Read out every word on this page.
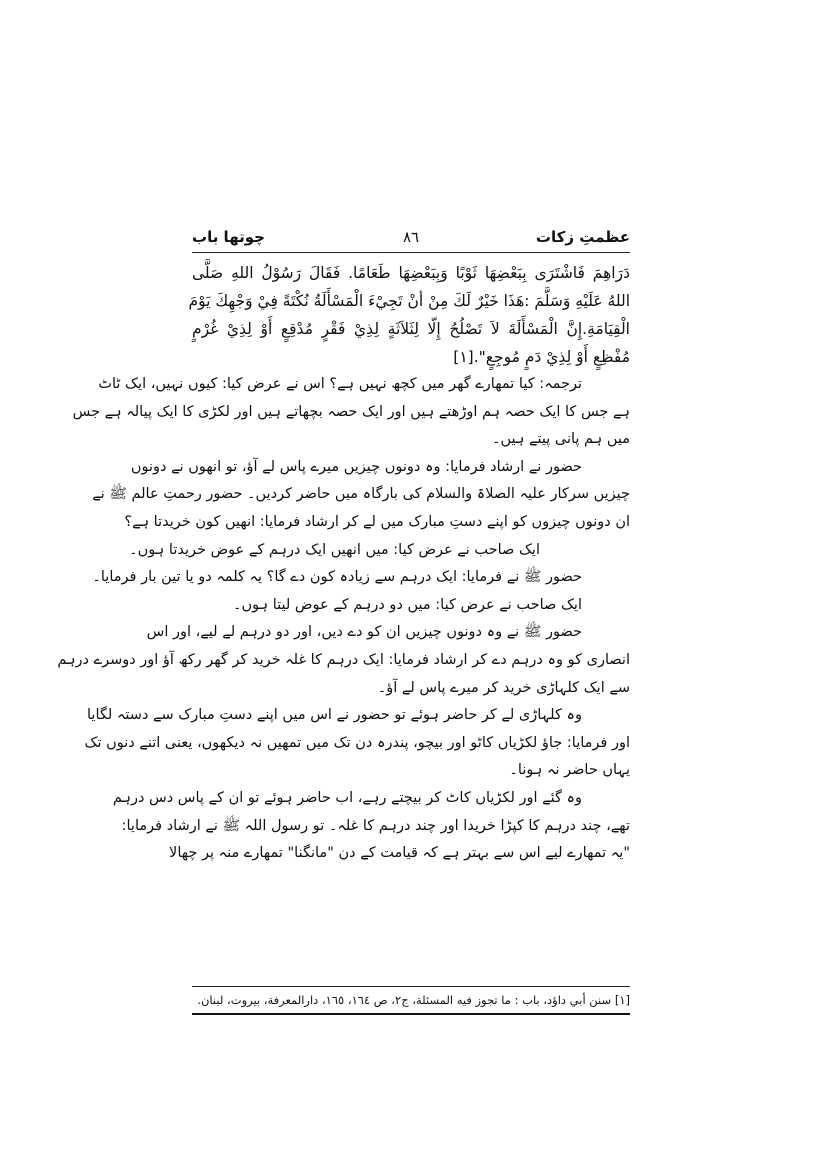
عظمتِ زکات
٨٦
چوتھا باب
دَرَاهِمَ فَاشْتَرَى بِبَعْضِهَا ثَوْبًا وَبِبَعْضِهَا طَعَامًا. فَقَالَ رَسُوْلُ اللهِ صَلَّى
اللهُ عَلَيْهِ وَسَلَّمَ :هَذَا خَيْرٌ لَكَ مِنْ أنْ تَجِيْءَ الْمَسْأَلَةُ نُكْتَةً فِيْ وَجْهِكَ يَوْمَ
الْقِيَامَةِ.إِنَّ الْمَسْأَلَةَ لاَ تَصْلُحُ إِلّا لِثَلاَثَةٍ لِذِيْ فَقْرٍ مُدْقِعٍ أَوْ لِذِيْ غُرْمٍ
مُفْظِعٍ أَوْ لِذِيْ دَمٍ مُوجِعٍ".[١]
ترجمہ: کیا تمھارے گھر میں کچھ نہیں ہے؟ اس نے عرض کیا: کیوں نہیں، ایک ٹاٹ
ہے جس کا ایک حصہ ہم اوڑھتے ہیں اور ایک حصہ بچھاتے ہیں اور لکڑی کا ایک پیالہ ہے جس
میں ہم پانی پیتے ہیں۔
حضور نے ارشاد فرمایا: وہ دونوں چیزیں میرے پاس لے آؤ، تو انھوں نے دونوں
چیزیں سرکار علیہ الصلاۃ والسلام کی بارگاہ میں حاضر کردیں۔ حضور رحمتِ عالم ﷺ نے
ان دونوں چیزوں کو اپنے دستِ مبارک میں لے کر ارشاد فرمایا: انھیں کون خریدتا ہے؟
ایک صاحب نے عرض کیا: میں انھیں ایک درہم کے عوض خریدتا ہوں۔
حضور ﷺ نے فرمایا: ایک درہم سے زیادہ کون دے گا؟ یہ کلمہ دو یا تین بار فرمایا۔
ایک صاحب نے عرض کیا: میں دو درہم کے عوض لیتا ہوں۔
حضور ﷺ نے وہ دونوں چیزیں ان کو دے دیں، اور دو درہم لے لیے، اور اس
انصاری کو وہ درہم دے کر ارشاد فرمایا: ایک درہم کا غلہ خرید کر گھر رکھ آؤ اور دوسرے درہم
سے ایک کلہاڑی خرید کر میرے پاس لے آؤ۔
وہ کلہاڑی لے کر حاضر ہوئے تو حضور نے اس میں اپنے دستِ مبارک سے دستہ لگایا
اور فرمایا: جاؤ لکڑیاں کاٹو اور بیچو، پندرہ دن تک میں تمھیں نہ دیکھوں، یعنی اتنے دنوں تک
یہاں حاضر نہ ہونا۔
وہ گئے اور لکڑیاں کاٹ کر بیچتے رہے، اب حاضر ہوئے تو ان کے پاس دس درہم
تھے، چند درہم کا کپڑا خریدا اور چند درہم کا غلہ۔ تو رسول اللہ ﷺ نے ارشاد فرمایا:
"یہ تمھارے لیے اس سے بہتر ہے کہ قیامت کے دن "مانگنا" تمھارے منہ پر چھالا
[١] سنن أبي داؤد، باب : ما تجوز فيه المسئلة، ج٢، ص ١٦٤، ١٦٥، دارالمعرفة، بيروت، لبنان.
